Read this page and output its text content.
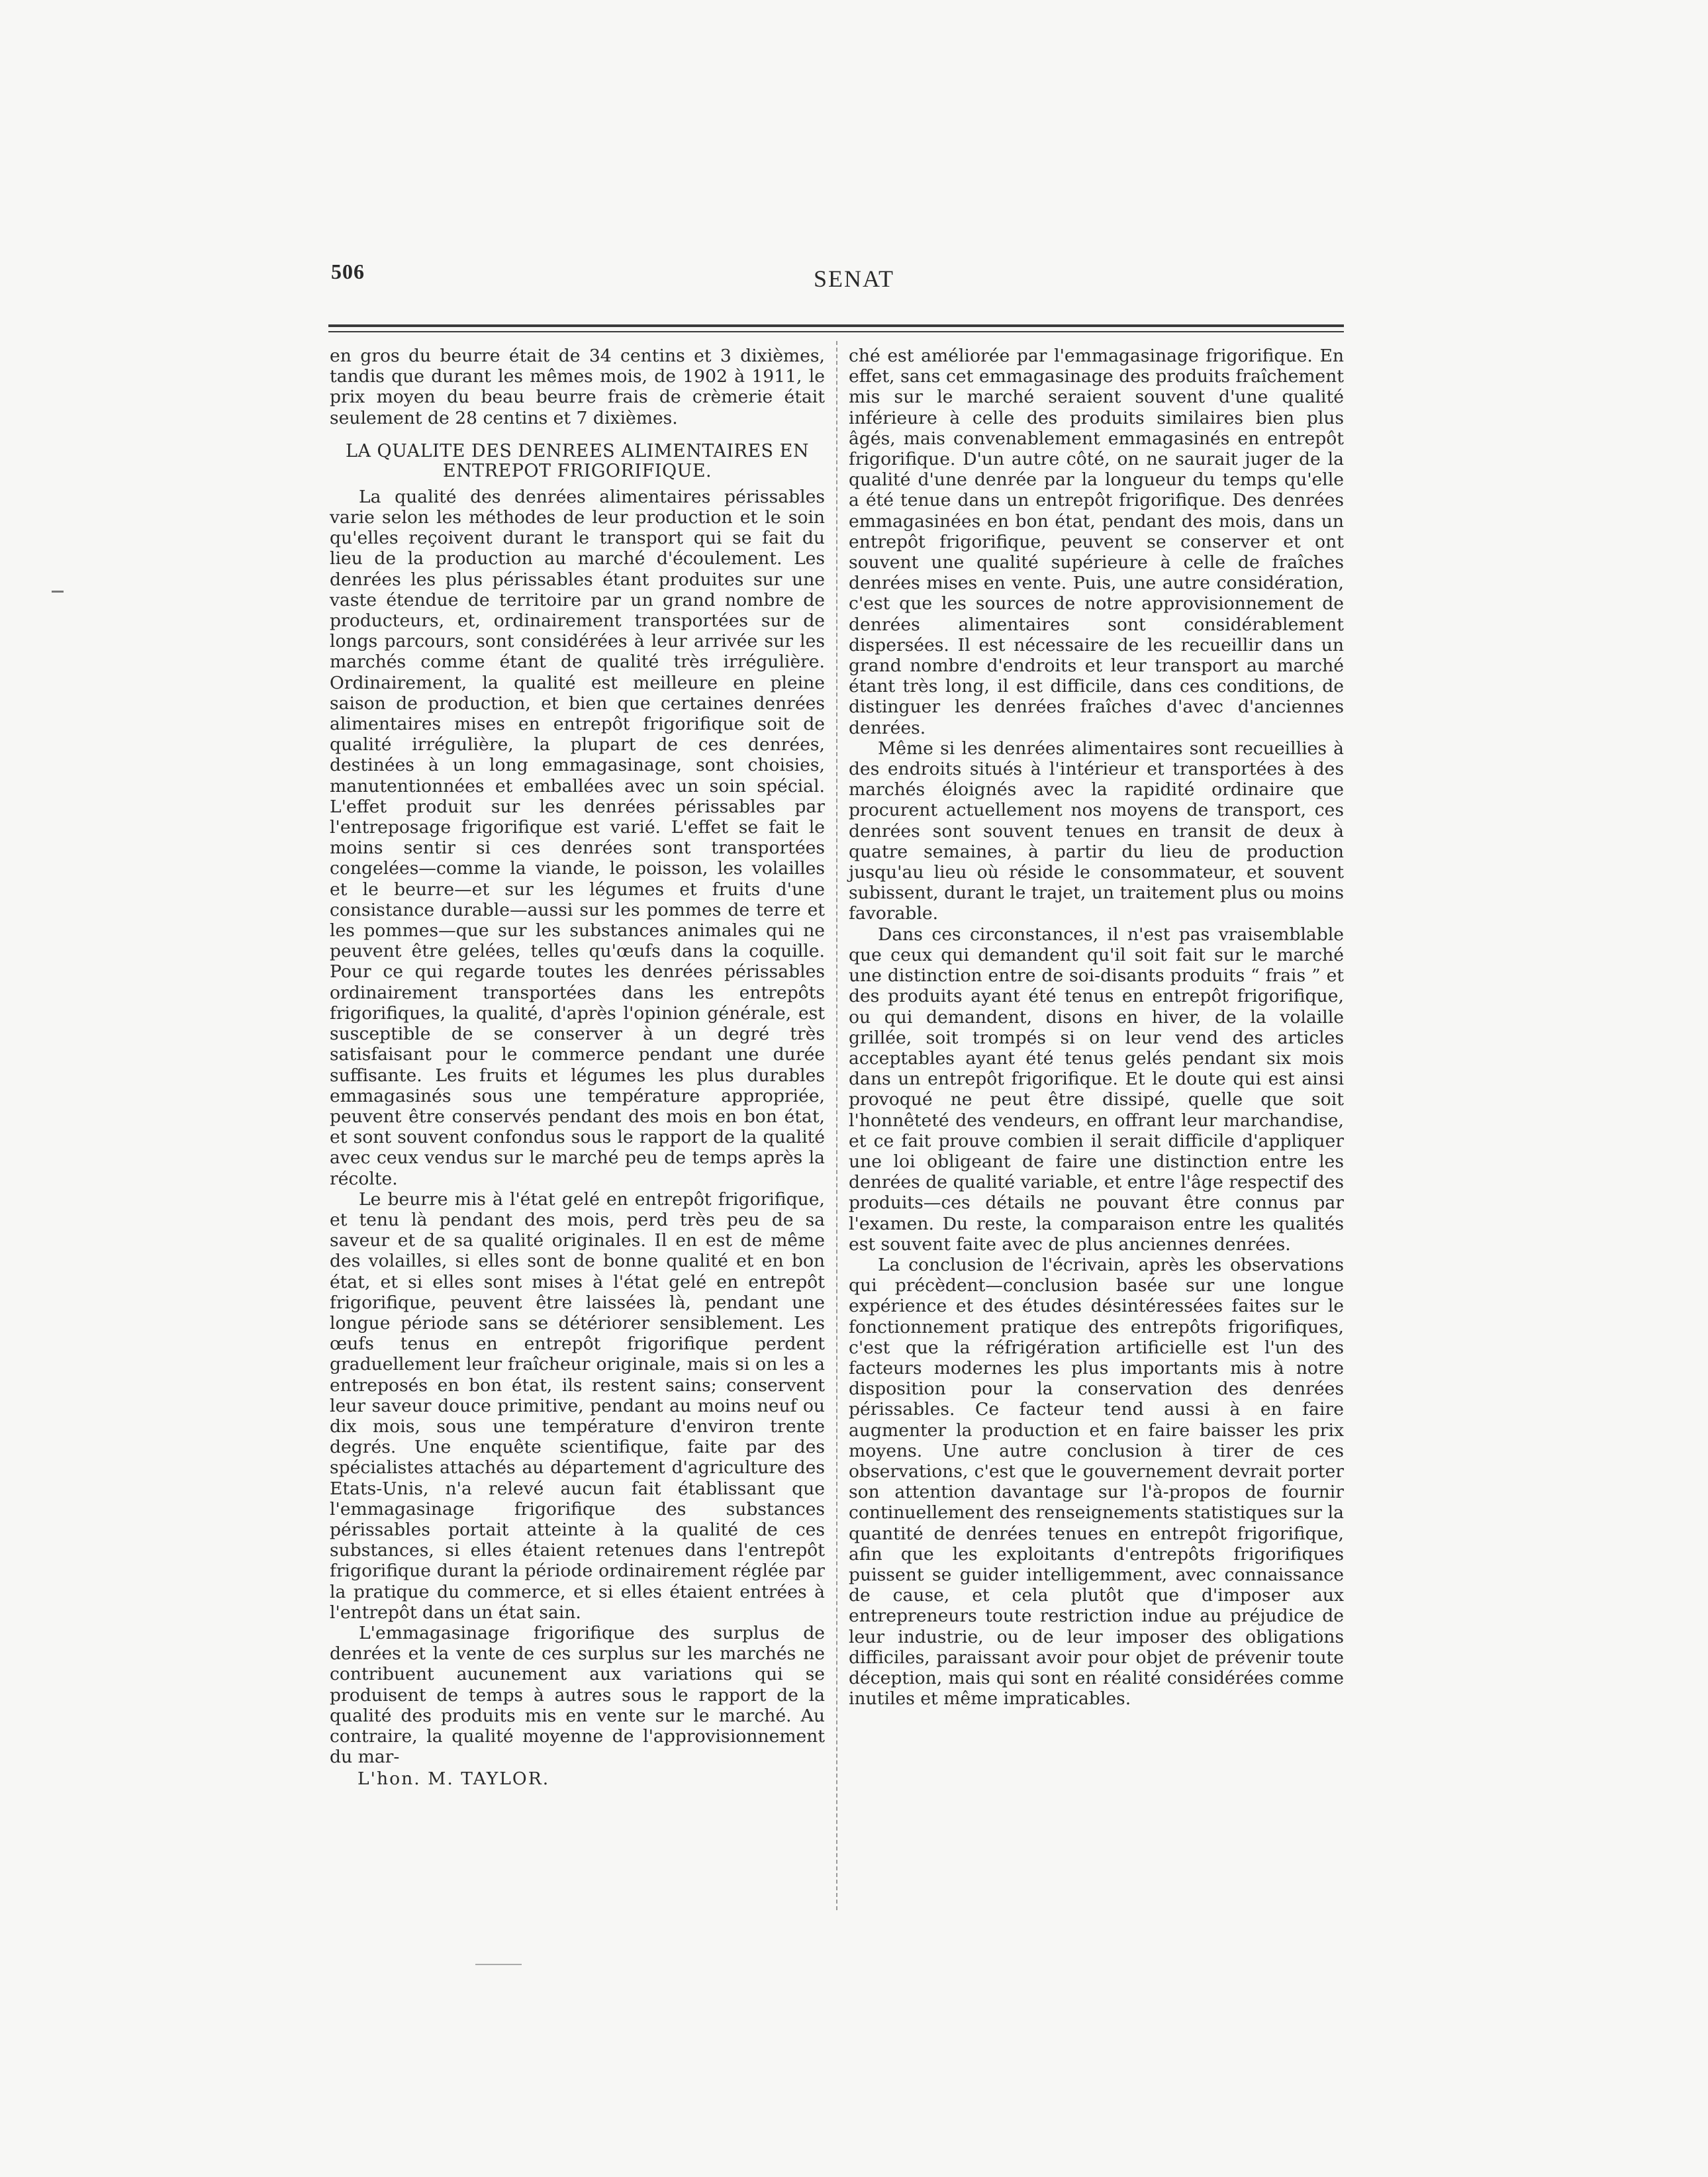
506	SENAT

en gros du beurre était de 34 centins et 3 dixièmes, tandis que durant les mêmes mois, de 1902 à 1911, le prix moyen du beau beurre frais de crèmerie était seulement de 28 centins et 7 dixièmes.

LA QUALITE DES DENREES ALIMENTAIRES EN ENTREPOT FRIGORIFIQUE.

La qualité des denrées alimentaires périssables varie selon les méthodes de leur production et le soin qu'elles reçoivent durant le transport qui se fait du lieu de la production au marché d'écoulement. Les denrées les plus périssables étant produites sur une vaste étendue de territoire par un grand nombre de producteurs, et, ordinairement transportées sur de longs parcours, sont considérées à leur arrivée sur les marchés comme étant de qualité très irrégulière. Ordinairement, la qualité est meilleure en pleine saison de production, et bien que certaines denrées alimentaires mises en entrepôt frigorifique soit de qualité irrégulière, la plupart de ces denrées, destinées à un long emmagasinage, sont choisies, manutentionnées et emballées avec un soin spécial. L'effet produit sur les denrées périssables par l'entreposage frigorifique est varié. L'effet se fait le moins sentir si ces denrées sont transportées congelées—comme la viande, le poisson, les volailles et le beurre—et sur les légumes et fruits d'une consistance durable—aussi sur les pommes de terre et les pommes—que sur les substances animales qui ne peuvent être gelées, telles qu'œufs dans la coquille. Pour ce qui regarde toutes les denrées périssables ordinairement transportées dans les entrepôts frigorifiques, la qualité, d'après l'opinion générale, est susceptible de se conserver à un degré très satisfaisant pour le commerce pendant une durée suffisante. Les fruits et légumes les plus durables emmagasinés sous une température appropriée, peuvent être conservés pendant des mois en bon état, et sont souvent confondus sous le rapport de la qualité avec ceux vendus sur le marché peu de temps après la récolte.

Le beurre mis à l'état gelé en entrepôt frigorifique, et tenu là pendant des mois, perd très peu de sa saveur et de sa qualité originales. Il en est de même des volailles, si elles sont de bonne qualité et en bon état, et si elles sont mises à l'état gelé en entrepôt frigorifique, peuvent être laissées là, pendant une longue période sans se détériorer sensiblement. Les œufs tenus en entrepôt frigorifique perdent graduellement leur fraîcheur originale, mais si on les a entreposés en bon état, ils restent sains; conservent leur saveur douce primitive, pendant au moins neuf ou dix mois, sous une température d'environ trente degrés. Une enquête scientifique, faite par des spécialistes attachés au département d'agriculture des Etats-Unis, n'a relevé aucun fait établissant que l'emmagasinage frigorifique des substances périssables portait atteinte à la qualité de ces substances, si elles étaient retenues dans l'entrepôt frigorifique durant la période ordinairement réglée par la pratique du commerce, et si elles étaient entrées à l'entrepôt dans un état sain.

L'emmagasinage frigorifique des surplus de denrées et la vente de ces surplus sur les marchés ne contribuent aucunement aux variations qui se produisent de temps à autres sous le rapport de la qualité des produits mis en vente sur le marché. Au contraire, la qualité moyenne de l'approvisionnement du mar-

L'hon. M. TAYLOR.

ché est améliorée par l'emmagasinage frigorifique. En effet, sans cet emmagasinage des produits fraîchement mis sur le marché seraient souvent d'une qualité inférieure à celle des produits similaires bien plus âgés, mais convenablement emmagasinés en entrepôt frigorifique. D'un autre côté, on ne saurait juger de la qualité d'une denrée par la longueur du temps qu'elle a été tenue dans un entrepôt frigorifique. Des denrées emmagasinées en bon état, pendant des mois, dans un entrepôt frigorifique, peuvent se conserver et ont souvent une qualité supérieure à celle de fraîches denrées mises en vente. Puis, une autre considération, c'est que les sources de notre approvisionnement de denrées alimentaires sont considérablement dispersées. Il est nécessaire de les recueillir dans un grand nombre d'endroits et leur transport au marché étant très long, il est difficile, dans ces conditions, de distinguer les denrées fraîches d'avec d'anciennes denrées.

Même si les denrées alimentaires sont recueillies à des endroits situés à l'intérieur et transportées à des marchés éloignés avec la rapidité ordinaire que procurent actuellement nos moyens de transport, ces denrées sont souvent tenues en transit de deux à quatre semaines, à partir du lieu de production jusqu'au lieu où réside le consommateur, et souvent subissent, durant le trajet, un traitement plus ou moins favorable.

Dans ces circonstances, il n'est pas vraisemblable que ceux qui demandent qu'il soit fait sur le marché une distinction entre de soi-disants produits “ frais ” et des produits ayant été tenus en entrepôt frigorifique, ou qui demandent, disons en hiver, de la volaille grillée, soit trompés si on leur vend des articles acceptables ayant été tenus gelés pendant six mois dans un entrepôt frigorifique. Et le doute qui est ainsi provoqué ne peut être dissipé, quelle que soit l'honnêteté des vendeurs, en offrant leur marchandise, et ce fait prouve combien il serait difficile d'appliquer une loi obligeant de faire une distinction entre les denrées de qualité variable, et entre l'âge respectif des produits—ces détails ne pouvant être connus par l'examen. Du reste, la comparaison entre les qualités est souvent faite avec de plus anciennes denrées.

La conclusion de l'écrivain, après les observations qui précèdent—conclusion basée sur une longue expérience et des études désintéressées faites sur le fonctionnement pratique des entrepôts frigorifiques, c'est que la réfrigération artificielle est l'un des facteurs modernes les plus importants mis à notre disposition pour la conservation des denrées périssables. Ce facteur tend aussi à en faire augmenter la production et en faire baisser les prix moyens. Une autre conclusion à tirer de ces observations, c'est que le gouvernement devrait porter son attention davantage sur l'à-propos de fournir continuellement des renseignements statistiques sur la quantité de denrées tenues en entrepôt frigorifique, afin que les exploitants d'entrepôts frigorifiques puissent se guider intelligemment, avec connaissance de cause, et cela plutôt que d'imposer aux entrepreneurs toute restriction indue au préjudice de leur industrie, ou de leur imposer des obligations difficiles, paraissant avoir pour objet de prévenir toute déception, mais qui sont en réalité considérées comme inutiles et même impraticables.
